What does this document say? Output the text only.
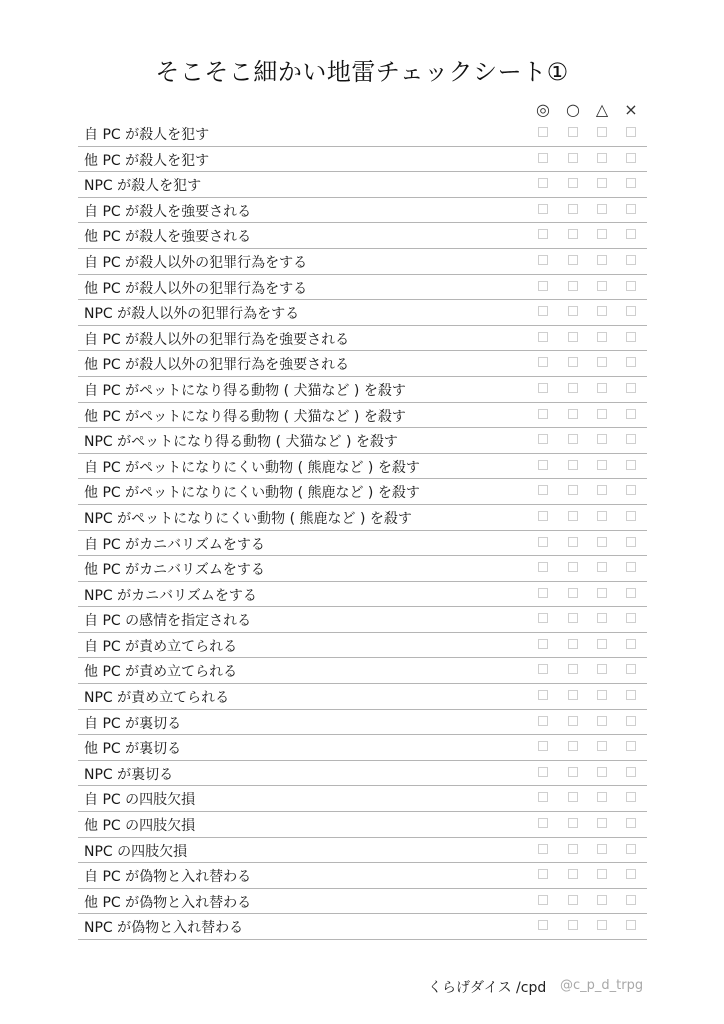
そこそこ細かい地雷チェックシート①
◎	○ △	×
自 PC が殺人を犯す
他 PC が殺人を犯す
NPC が殺人を犯す
自 PC が殺人を強要される
他 PC が殺人を強要される
自 PC が殺人以外の犯罪行為をする
他 PC が殺人以外の犯罪行為をする
NPC が殺人以外の犯罪行為をする
自 PC が殺人以外の犯罪行為を強要される
他 PC が殺人以外の犯罪行為を強要される
自 PC がペットになり得る動物 ( 犬猫など ) を殺す
他 PC がペットになり得る動物 ( 犬猫など ) を殺す
NPC がペットになり得る動物 ( 犬猫など ) を殺す
自 PC がペットになりにくい動物 ( 熊鹿など ) を殺す
他 PC がペットになりにくい動物 ( 熊鹿など ) を殺す
NPC がペットになりにくい動物 ( 熊鹿など ) を殺す
自 PC がカニバリズムをする
他 PC がカニバリズムをする
NPC がカニバリズムをする
自 PC の感情を指定される
自 PC が責め立てられる
他 PC が責め立てられる
NPC が責め立てられる
自 PC が裏切る
他 PC が裏切る
NPC が裏切る
自 PC の四肢欠損
他 PC の四肢欠損
NPC の四肢欠損
自 PC が偽物と入れ替わる
他 PC が偽物と入れ替わる
NPC が偽物と入れ替わる
くらげダイス /cpd @c_p_d_trpg
